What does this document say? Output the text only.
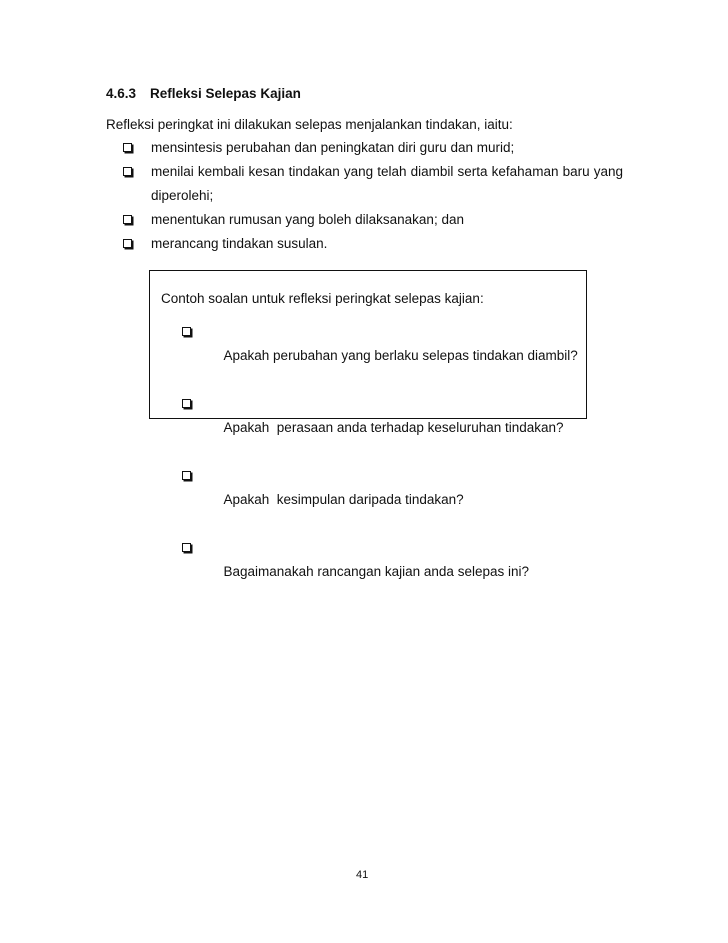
4.6.3 Refleksi Selepas Kajian
Refleksi peringkat ini dilakukan selepas menjalankan tindakan, iaitu:
mensintesis perubahan dan peningkatan diri guru dan murid;
menilai kembali kesan tindakan yang telah diambil serta kefahaman baru yang
diperolehi;
menentukan rumusan yang boleh dilaksanakan; dan
merancang tindakan susulan.
Contoh soalan untuk refleksi peringkat selepas kajian:

Apakah perubahan yang berlaku selepas tindakan diambil?

Apakah  perasaan anda terhadap keseluruhan tindakan?

Apakah  kesimpulan daripada tindakan?

Bagaimanakah rancangan kajian anda selepas ini?

41
